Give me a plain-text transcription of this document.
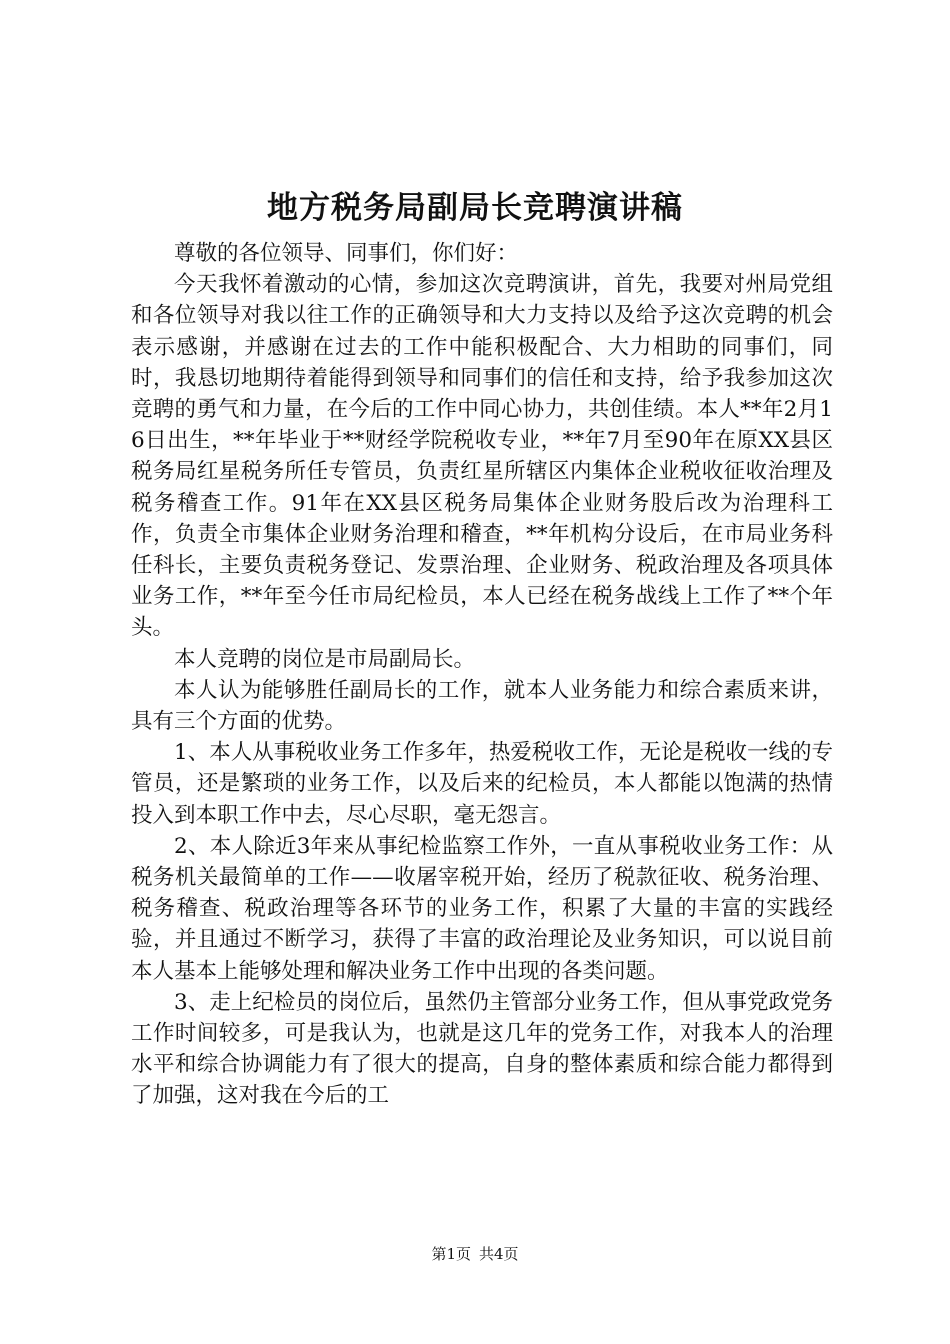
地方税务局副局长竞聘演讲稿

尊敬的各位领导、同事们，你们好：

今天我怀着激动的心情，参加这次竞聘演讲，首先，我要对州局党组和各位领导对我以往工作的正确领导和大力支持以及给予这次竞聘的机会表示感谢，并感谢在过去的工作中能积极配合、大力相助的同事们，同时，我恳切地期待着能得到领导和同事们的信任和支持，给予我参加这次竞聘的勇气和力量，在今后的工作中同心协力，共创佳绩。本人**年2月16日出生，**年毕业于**财经学院税收专业，**年7月至90年在原XX县区税务局红星税务所任专管员，负责红星所辖区内集体企业税收征收治理及税务稽查工作。91年在XX县区税务局集体企业财务股后改为治理科工作，负责全市集体企业财务治理和稽查，**年机构分设后，在市局业务科任科长，主要负责税务登记、发票治理、企业财务、税政治理及各项具体业务工作，**年至今任市局纪检员，本人已经在税务战线上工作了**个年头。

本人竞聘的岗位是市局副局长。

本人认为能够胜任副局长的工作，就本人业务能力和综合素质来讲，具有三个方面的优势。

1、本人从事税收业务工作多年，热爱税收工作，无论是税收一线的专管员，还是繁琐的业务工作，以及后来的纪检员，本人都能以饱满的热情投入到本职工作中去，尽心尽职，毫无怨言。

2、本人除近3年来从事纪检监察工作外，一直从事税收业务工作：从税务机关最简单的工作——收屠宰税开始，经历了税款征收、税务治理、税务稽查、税政治理等各环节的业务工作，积累了大量的丰富的实践经验，并且通过不断学习，获得了丰富的政治理论及业务知识，可以说目前本人基本上能够处理和解决业务工作中出现的各类问题。

3、走上纪检员的岗位后，虽然仍主管部分业务工作，但从事党政党务工作时间较多，可是我认为，也就是这几年的党务工作，对我本人的治理水平和综合协调能力有了很大的提高，自身的整体素质和综合能力都得到了加强，这对我在今后的工

第1页 共4页
